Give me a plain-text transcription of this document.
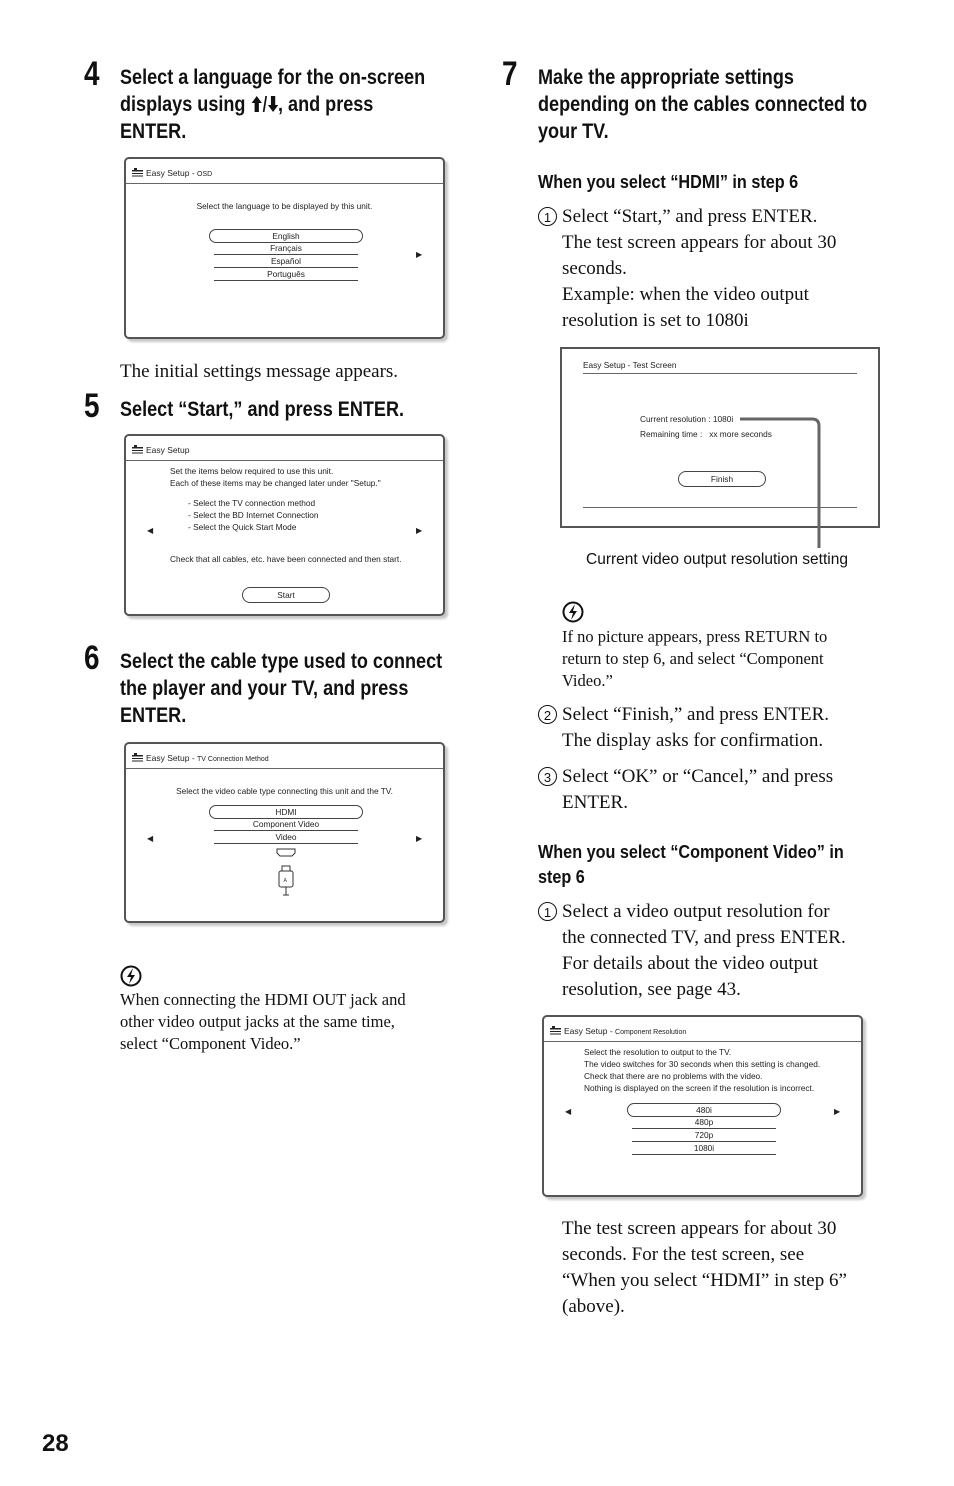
4 Select a language for the on-screen
displays using , and press
ENTER.
Easy Setup - OSD
Select the language to be displayed by this unit.
English
Français
Español
Português
▶
The initial settings message appears.
5 Select “Start,” and press ENTER.
Easy Setup
Set the items below required to use this unit.
Each of these items may be changed later under "Setup."
- Select the TV connection method
- Select the BD Internet Connection
- Select the Quick Start Mode
◀	▶
Check that all cables, etc. have been connected and then start.
Start
6 Select the cable type used to connect
the player and your TV, and press
ENTER.
Easy Setup - TV Connection Method
Select the video cable type connecting this unit and the TV.
HDMI
Component Video
Video
◀	▶
A
When connecting the HDMI OUT jack and
other video output jacks at the same time,
select “Component Video.”
7 Make the appropriate settings
depending on the cables connected to
your TV.
When you select “HDMI” in step 6
1 Select “Start,” and press ENTER.
The test screen appears for about 30
seconds.
Example: when the video output
resolution is set to 1080i
Easy Setup - Test Screen
Current resolution : 1080i
Remaining time :   xx more seconds
Finish
Current video output resolution setting
If no picture appears, press RETURN to
return to step 6, and select “Component
Video.”
2 Select “Finish,” and press ENTER.
The display asks for confirmation.
3 Select “OK” or “Cancel,” and press
ENTER.
When you select “Component Video” in
step 6
1 Select a video output resolution for
the connected TV, and press ENTER.
For details about the video output
resolution, see page 43.
Easy Setup - Component Resolution
Select the resolution to output to the TV.
The video switches for 30 seconds when this setting is changed.
Check that there are no problems with the video.
Nothing is displayed on the screen if the resolution is incorrect.
◀	▶
480i
480p
720p
1080i
The test screen appears for about 30
seconds. For the test screen, see
“When you select “HDMI” in step 6”
(above).
28
